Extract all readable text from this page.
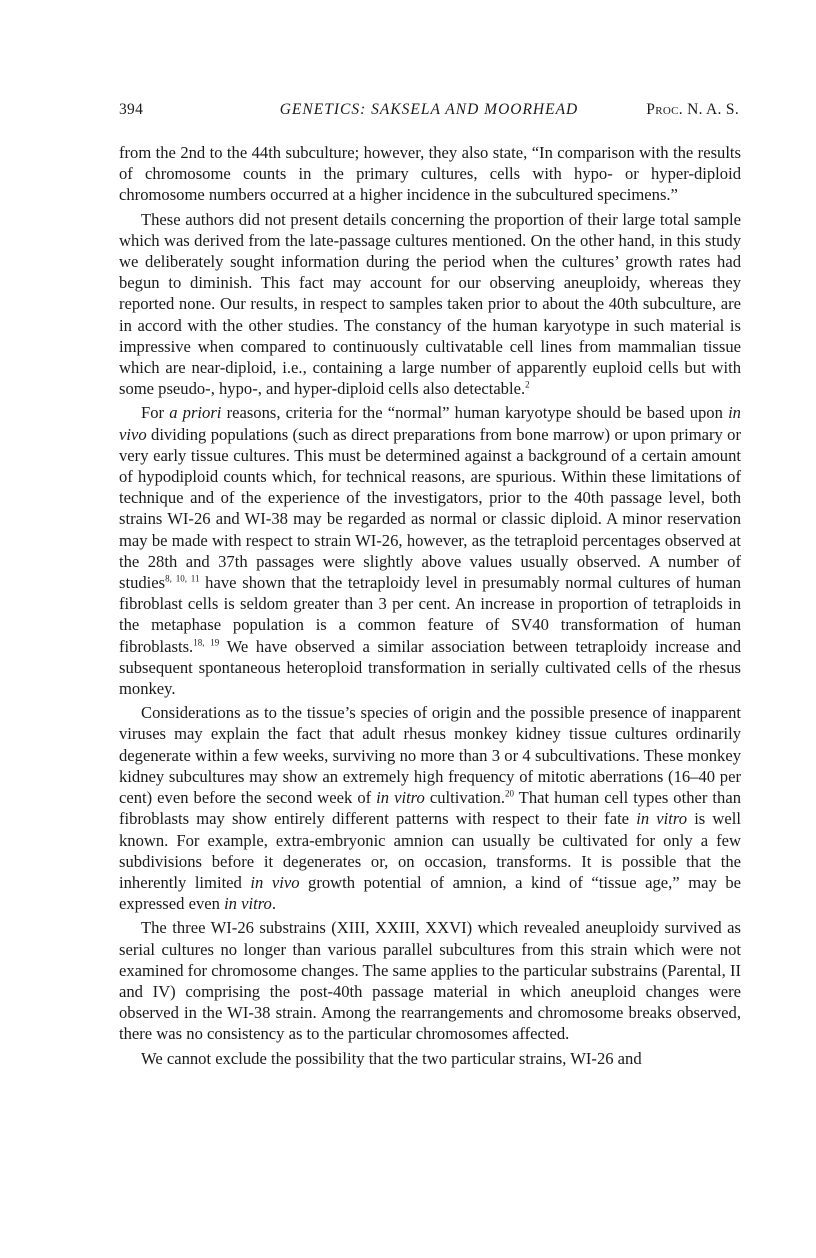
394	GENETICS: SAKSELA AND MOORHEAD	Proc. N. A. S.

from the 2nd to the 44th subculture; however, they also state, “In comparison with the results of chromosome counts in the primary cultures, cells with hypo- or hyper-diploid chromosome numbers occurred at a higher incidence in the subcultured specimens.”

These authors did not present details concerning the proportion of their large total sample which was derived from the late-passage cultures mentioned. On the other hand, in this study we deliberately sought information during the period when the cultures’ growth rates had begun to diminish. This fact may account for our observing aneuploidy, whereas they reported none. Our results, in respect to samples taken prior to about the 40th subculture, are in accord with the other studies. The constancy of the human karyotype in such material is impressive when compared to continuously cultivatable cell lines from mammalian tissue which are near-diploid, i.e., containing a large number of apparently euploid cells but with some pseudo-, hypo-, and hyper-diploid cells also detectable.$^2$

For a priori reasons, criteria for the “normal” human karyotype should be based upon in vivo dividing populations (such as direct preparations from bone marrow) or upon primary or very early tissue cultures. This must be determined against a background of a certain amount of hypodiploid counts which, for technical reasons, are spurious. Within these limitations of technique and of the experience of the investigators, prior to the 40th passage level, both strains WI-26 and WI-38 may be regarded as normal or classic diploid. A minor reservation may be made with respect to strain WI-26, however, as the tetraploid percentages observed at the 28th and 37th passages were slightly above values usually observed. A number of studies$^{8, 10, 11}$ have shown that the tetraploidy level in presumably normal cultures of human fibroblast cells is seldom greater than 3 per cent. An increase in proportion of tetraploids in the metaphase population is a common feature of SV40 transformation of human fibroblasts.$^{18, 19}$ We have observed a similar association between tetraploidy increase and subsequent spontaneous heteroploid transformation in serially cultivated cells of the rhesus monkey.

Considerations as to the tissue’s species of origin and the possible presence of inapparent viruses may explain the fact that adult rhesus monkey kidney tissue cultures ordinarily degenerate within a few weeks, surviving no more than 3 or 4 subcultivations. These monkey kidney subcultures may show an extremely high frequency of mitotic aberrations (16–40 per cent) even before the second week of in vitro cultivation.$^{20}$ That human cell types other than fibroblasts may show entirely different patterns with respect to their fate in vitro is well known. For example, extra-embryonic amnion can usually be cultivated for only a few subdivisions before it degenerates or, on occasion, transforms. It is possible that the inherently limited in vivo growth potential of amnion, a kind of “tissue age,” may be expressed even in vitro.

The three WI-26 substrains (XIII, XXIII, XXVI) which revealed aneuploidy survived as serial cultures no longer than various parallel subcultures from this strain which were not examined for chromosome changes. The same applies to the particular substrains (Parental, II and IV) comprising the post-40th passage material in which aneuploid changes were observed in the WI-38 strain. Among the rearrangements and chromosome breaks observed, there was no consistency as to the particular chromosomes affected.

We cannot exclude the possibility that the two particular strains, WI-26 and
